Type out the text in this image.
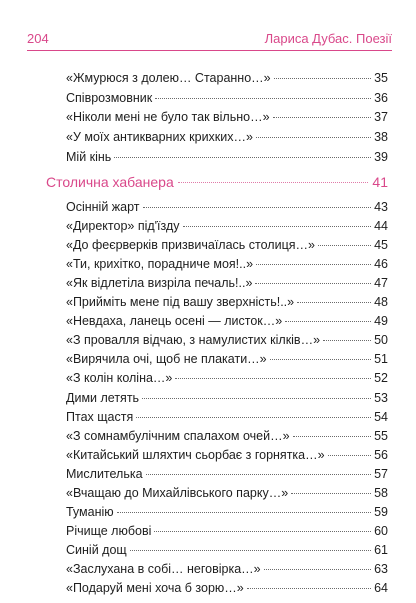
204	Лариса Дубас. Поезії
«Жмурюся з долею… Старанно…»	35
Співрозмовник	36
«Ніколи мені не було так вільно…»	37
«У моїх антикварних крихких…»	38
Мій кінь	39
Столична хабанера	41
Осінній жарт	43
«Директор» під'їзду	44
«До феєрверків призвичаїлась столиця…»	45
«Ти, крихітко, порадниче моя!..»	46
«Як відлетіла визріла печаль!..»	47
«Прийміть мене під вашу зверхність!..»	48
«Невдаха, ланець осені — листок…»	49
«З провалля відчаю, з намулистих кілків…»	50
«Вирячила очі, щоб не плакати…»	51
«З колін коліна…»	52
Дими летять	53
Птах щастя	54
«З сомнамбулічним спалахом очей…»	55
«Китайський шляхтич сьорбає з горнятка…»	56
Мислителька	57
«Вчащаю до Михайлівського парку…»	58
Туманію	59
Річище любові	60
Синій дощ	61
«Заслухана в собі… неговірка…»	63
«Подаруй мені хоча б зорю…»	64
